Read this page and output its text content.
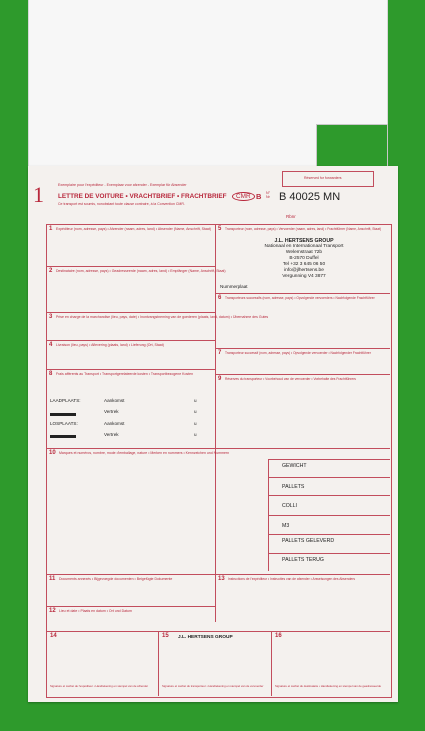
1	Exemplaire pour l'expéditeur - Exemplaar voor afzender - Exemplar für Absender
Ce transport est soumis, nonobstant toute clause contraire, à la Convention CMR.
LETTRE DE VOITURE • VRACHTBRIEF • FRACHTBRIEF	CMR B N°
Nr B 40025 MN
Réserved for forwarders
Rbnr
1 Expéditeur (nom, adresse, pays) • Afzender (naam, adres, land) • Absender (Name, Anschrift, Staat)
2 Destinataire (nom, adresse, pays) • Geadresseerde (naam, adres, land) • Empfänger (Name, Anschrift, Staat)
3 Prise en charge de la marchandise (lieu, pays, date) • Inontvangstneming van de goederen (plaats, land, datum) • Übernahme des Gutes
4 Livraison (lieu, pays) • Aflevering (plaats, land) • Lieferung (Ort, Staat)
8 Frais afférents au Transport • Transportgerelateerde kosten • Transportbezogene Kosten
LAADPLAATS:	Aankomst	u
Vertrek	u
LOSPLAATS:	Aankomst	u
Vertrek	u
5 Transporteur (nom, adresse, pays) • Vervoerder (naam, adres, land) • Frachtführer (Name, Anschrift, Staat)
J.L. HERTSENS GROUP
Nationaal en Internationaal Transport
Welemstraat 72b
B-2570 Duffel
Tel +32 3 645 06 50
info@jlhertsens.be
Vergunning V4 3877
Nummerplaat
6 Transporteurs successifs (nom, adresse, pays) • Opvolgende vervoerders • Nachfolgende Frachtführer
7 Transporteur successif (nom, adresse, pays) • Opvolgende vervoerder • Nachfolgender Frachtführer
9 Réserves du transporteur • Voorbehoud van de vervoerder • Vorbehalte des Frachtführers
10 Marques et numéros, nombre, mode d'emballage, nature • Merken en nummers • Kennzeichen und Nummern
GEWICHT
PALLETS
COLLI
M3
PALLETS GELEVERD
PALLETS TERUG
11 Documents annexés • Bijgevoegde documenten • Beigefügte Dokumente
12 Lieu et date • Plaats en datum • Ort und Datum
13 Instructions de l'expéditeur • Instructies van de afzender • Anweisungen des Absenders
14	15	16
J.L. HERTSENS GROUP
Signature et cachet de l'expéditeur • Handtekening en stempel van de afzender	Signature et cachet du transporteur • Handtekening en stempel van de vervoerder	Signature et cachet du destinataire • Handtekening en stempel van de geadresseerde
